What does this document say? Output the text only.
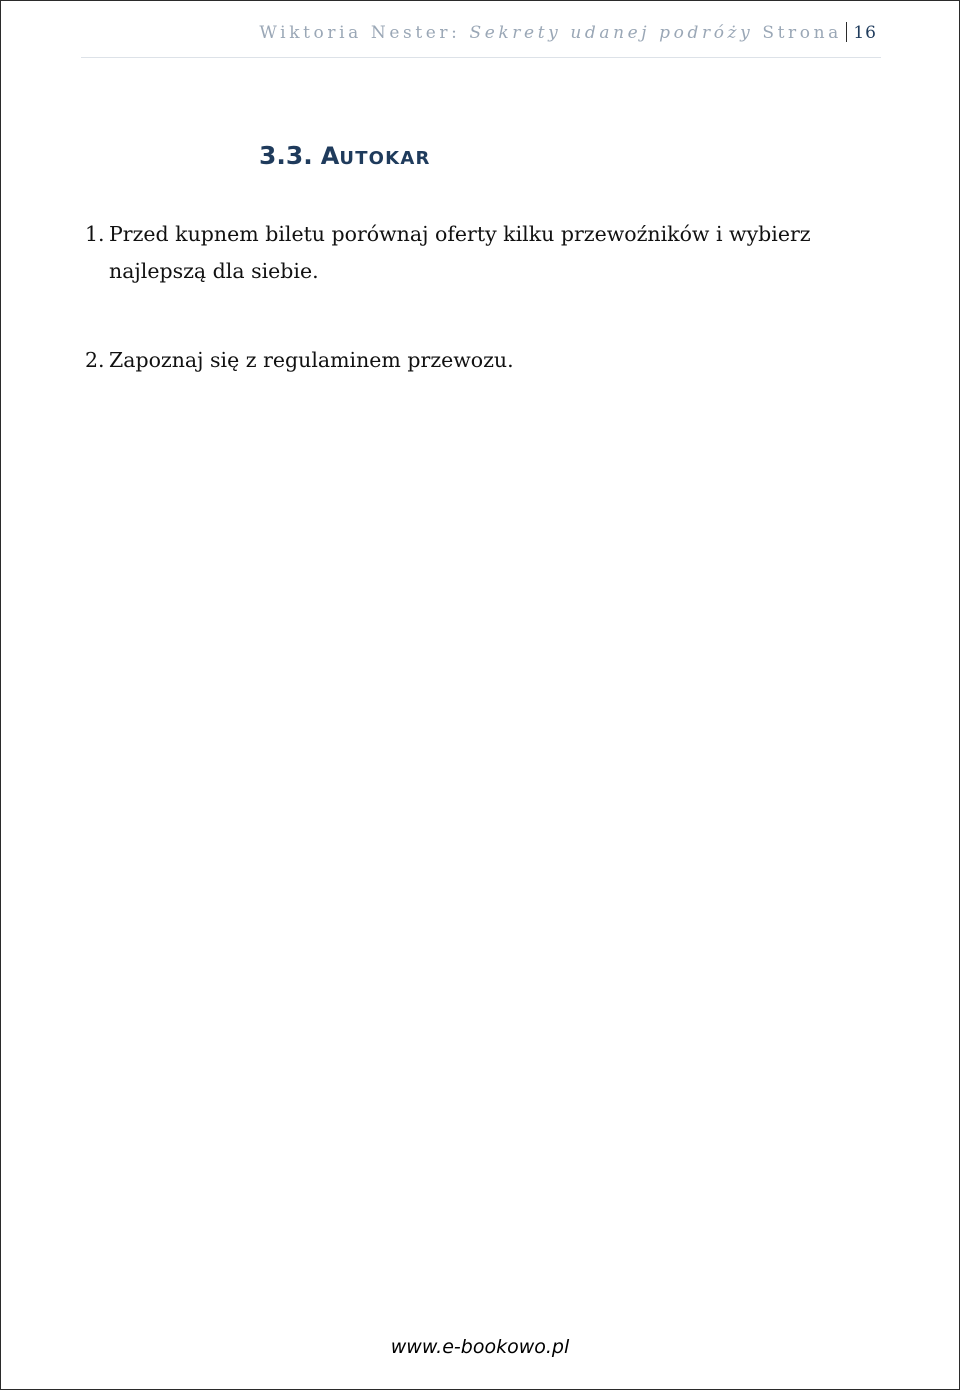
Wiktoria Nester: Sekrety udanej podróży Strona 16
3.3. AUTOKAR
1. Przed kupnem biletu porównaj oferty kilku przewoźników i wybierz najlepszą dla siebie.
2. Zapoznaj się z regulaminem przewozu.
www.e-bookowo.pl
